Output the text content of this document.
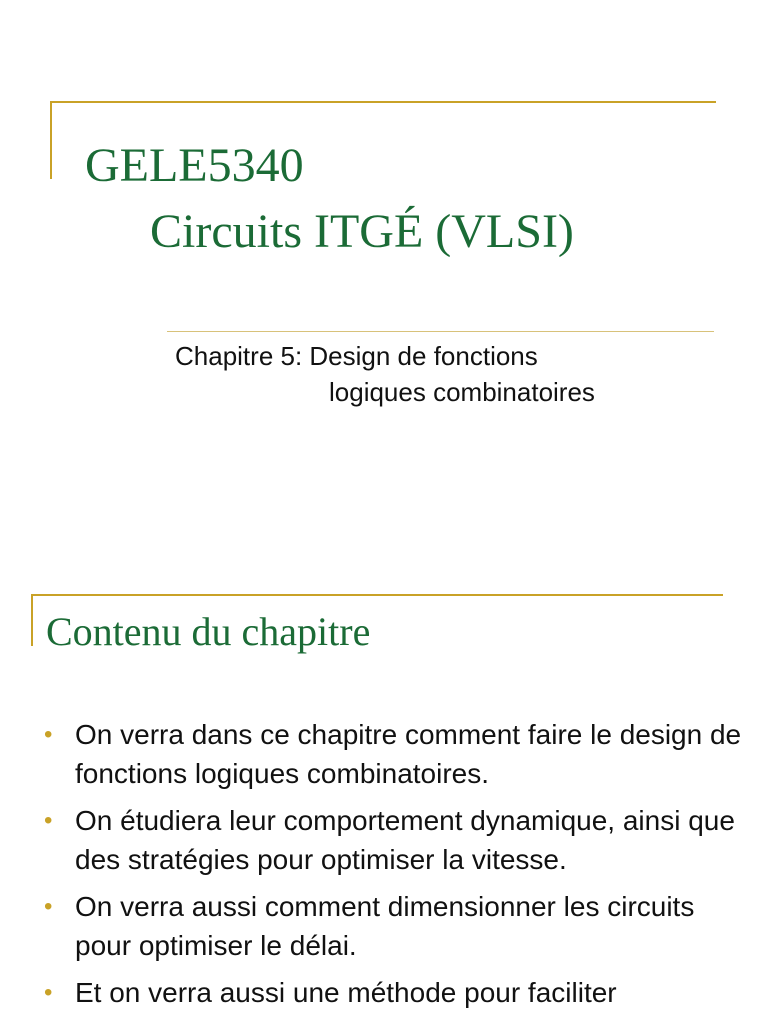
GELE5340
Circuits ITGÉ (VLSI)
Chapitre 5: Design de fonctions
logiques combinatoires
Contenu du chapitre
• On verra dans ce chapitre comment faire le design de fonctions logiques combinatoires.
• On étudiera leur comportement dynamique, ainsi que des stratégies pour optimiser la vitesse.
• On verra aussi comment dimensionner les circuits pour optimiser le délai.
• Et on verra aussi une méthode pour faciliter
